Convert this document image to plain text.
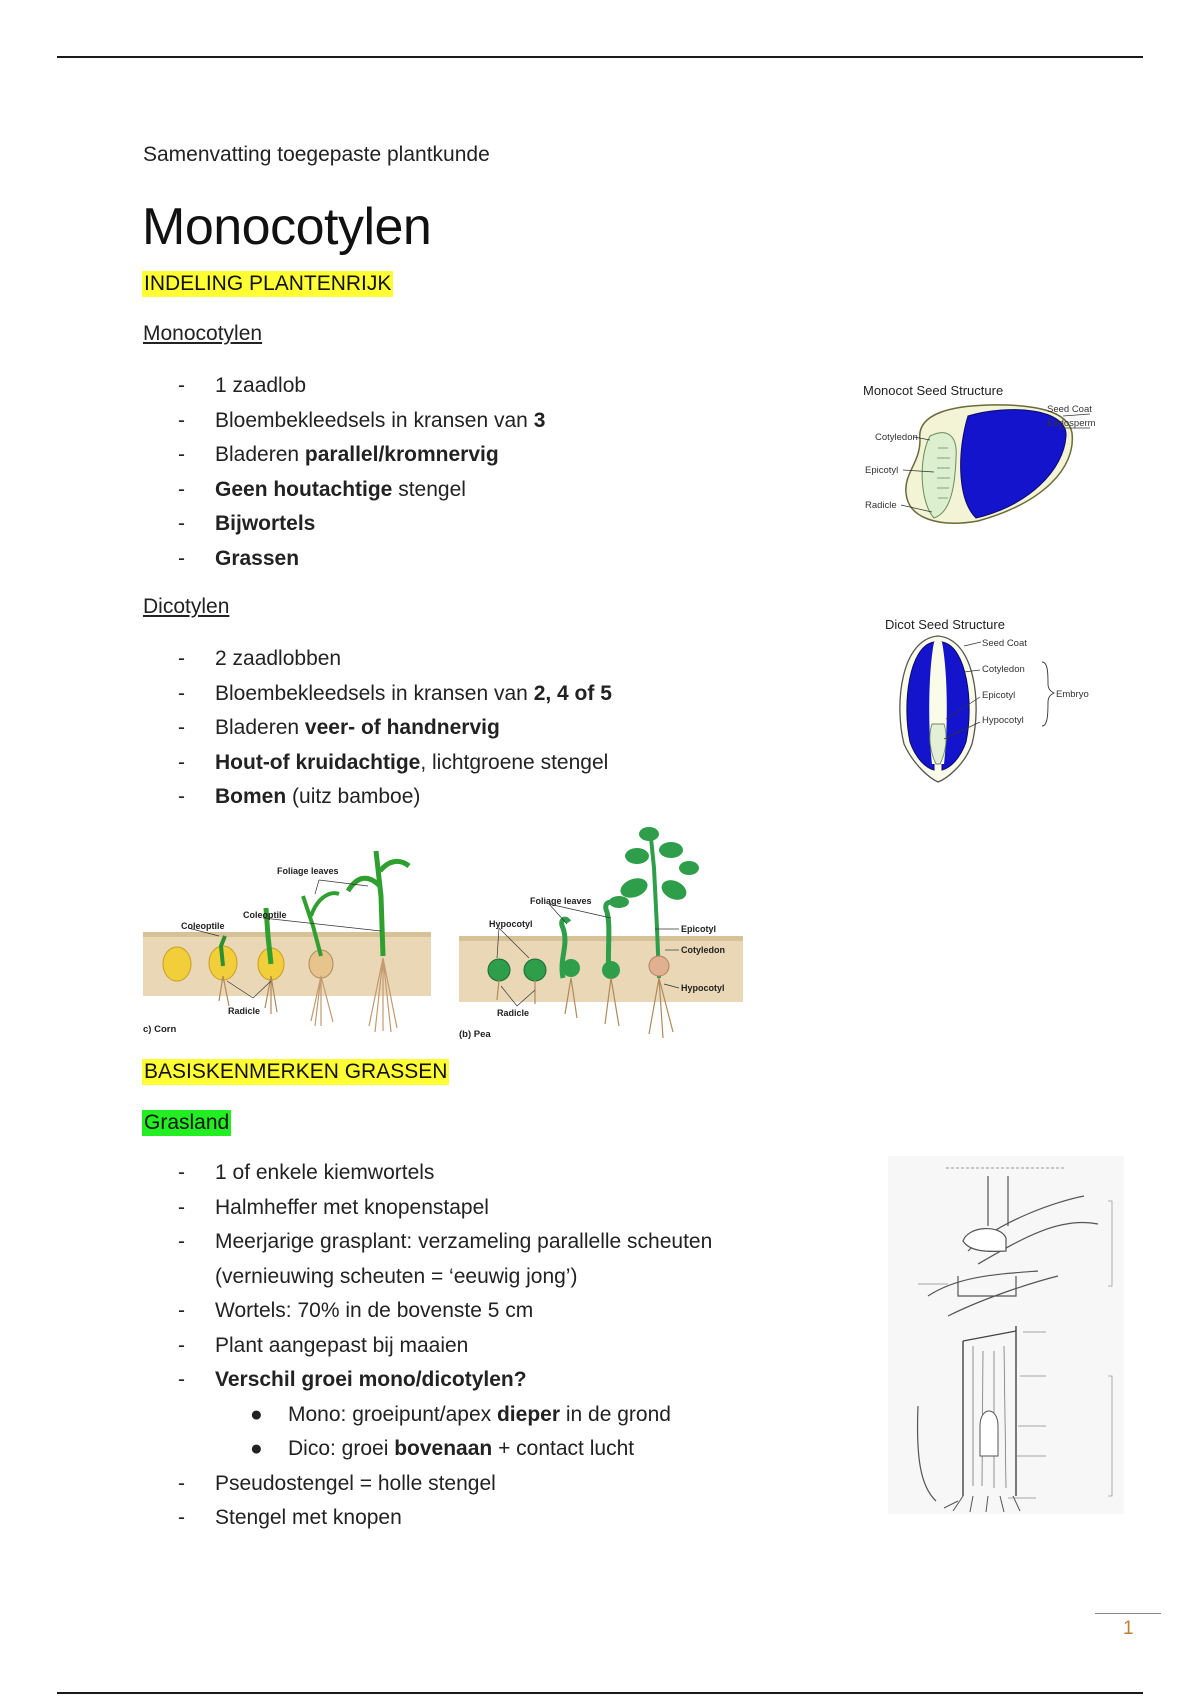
Samenvatting toegepaste plantkunde
Monocotylen
INDELING PLANTENRIJK
Monocotylen
- 1 zaadlob
- Bloembekleedsels in kransen van 3
- Bladeren parallel/kromnervig
- Geen houtachtige stengel
- Bijwortels
- Grassen
Dicotylen
- 2 zaadlobben
- Bloembekleedsels in kransen van 2, 4 of 5
- Bladeren veer- of handnervig
- Hout-of kruidachtige, lichtgroene stengel
- Bomen (uitz bamboe)
Monocot Seed Structure
Seed Coat
Endosperm
Cotyledon
Epicotyl
Radicle
Dicot Seed Structure
Seed Coat
Cotyledon
Epicotyl
Hypocotyl
Embryo
Foliage leaves
Coleoptile
Coleoptile
Radicle
c) Corn
Foliage leaves
Hypocotyl	Epicotyl
Cotyledon
Hypocotyl
Radicle
(b) Pea
BASISKENMERKEN GRASSEN
Grasland
- 1 of enkele kiemwortels
- Halmheffer met knopenstapel
- Meerjarige grasplant: verzameling parallelle scheuten
(vernieuwing scheuten = ‘eeuwig jong’)
- Wortels: 70% in de bovenste 5 cm
- Plant aangepast bij maaien
- Verschil groei mono/dicotylen?
● Mono: groeipunt/apex dieper in de grond
● Dico: groei bovenaan + contact lucht
- Pseudostengel = holle stengel
- Stengel met knopen
1
